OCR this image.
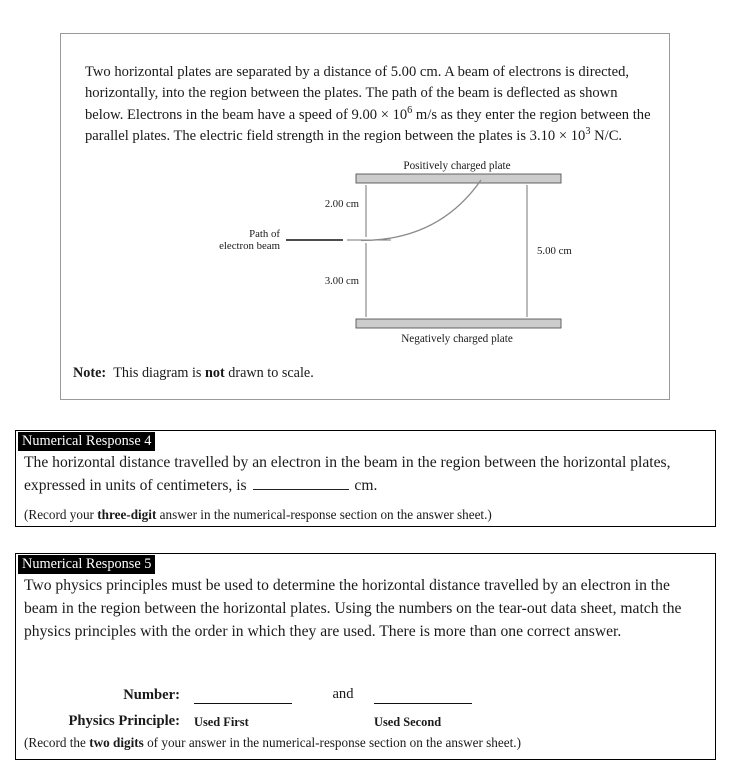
Two horizontal plates are separated by a distance of 5.00 cm. A beam of electrons is directed, horizontally, into the region between the plates. The path of the beam is deflected as shown below. Electrons in the beam have a speed of $9.00 \times 10^6$ m/s as they enter the region between the parallel plates. The electric field strength in the region between the plates is $3.10 \times 10^3$ N/C.

Positively charged plate
Negatively charged plate
2.00 cm
3.00 cm
5.00 cm
Path of
electron beam
Note: This diagram is not drawn to scale.
Numerical Response 4
The horizontal distance travelled by an electron in the beam in the region between the horizontal plates, expressed in units of centimeters, is	cm.
(Record your three-digit answer in the numerical-response section on the answer sheet.)
Numerical Response 5
Two physics principles must be used to determine the horizontal distance travelled by an electron in the beam in the region between the horizontal plates. Using the numbers on the tear-out data sheet, match the physics principles with the order in which they are used. There is more than one correct answer.
Number:	and
Physics Principle:	Used First	Used Second
(Record the two digits of your answer in the numerical-response section on the answer sheet.)
